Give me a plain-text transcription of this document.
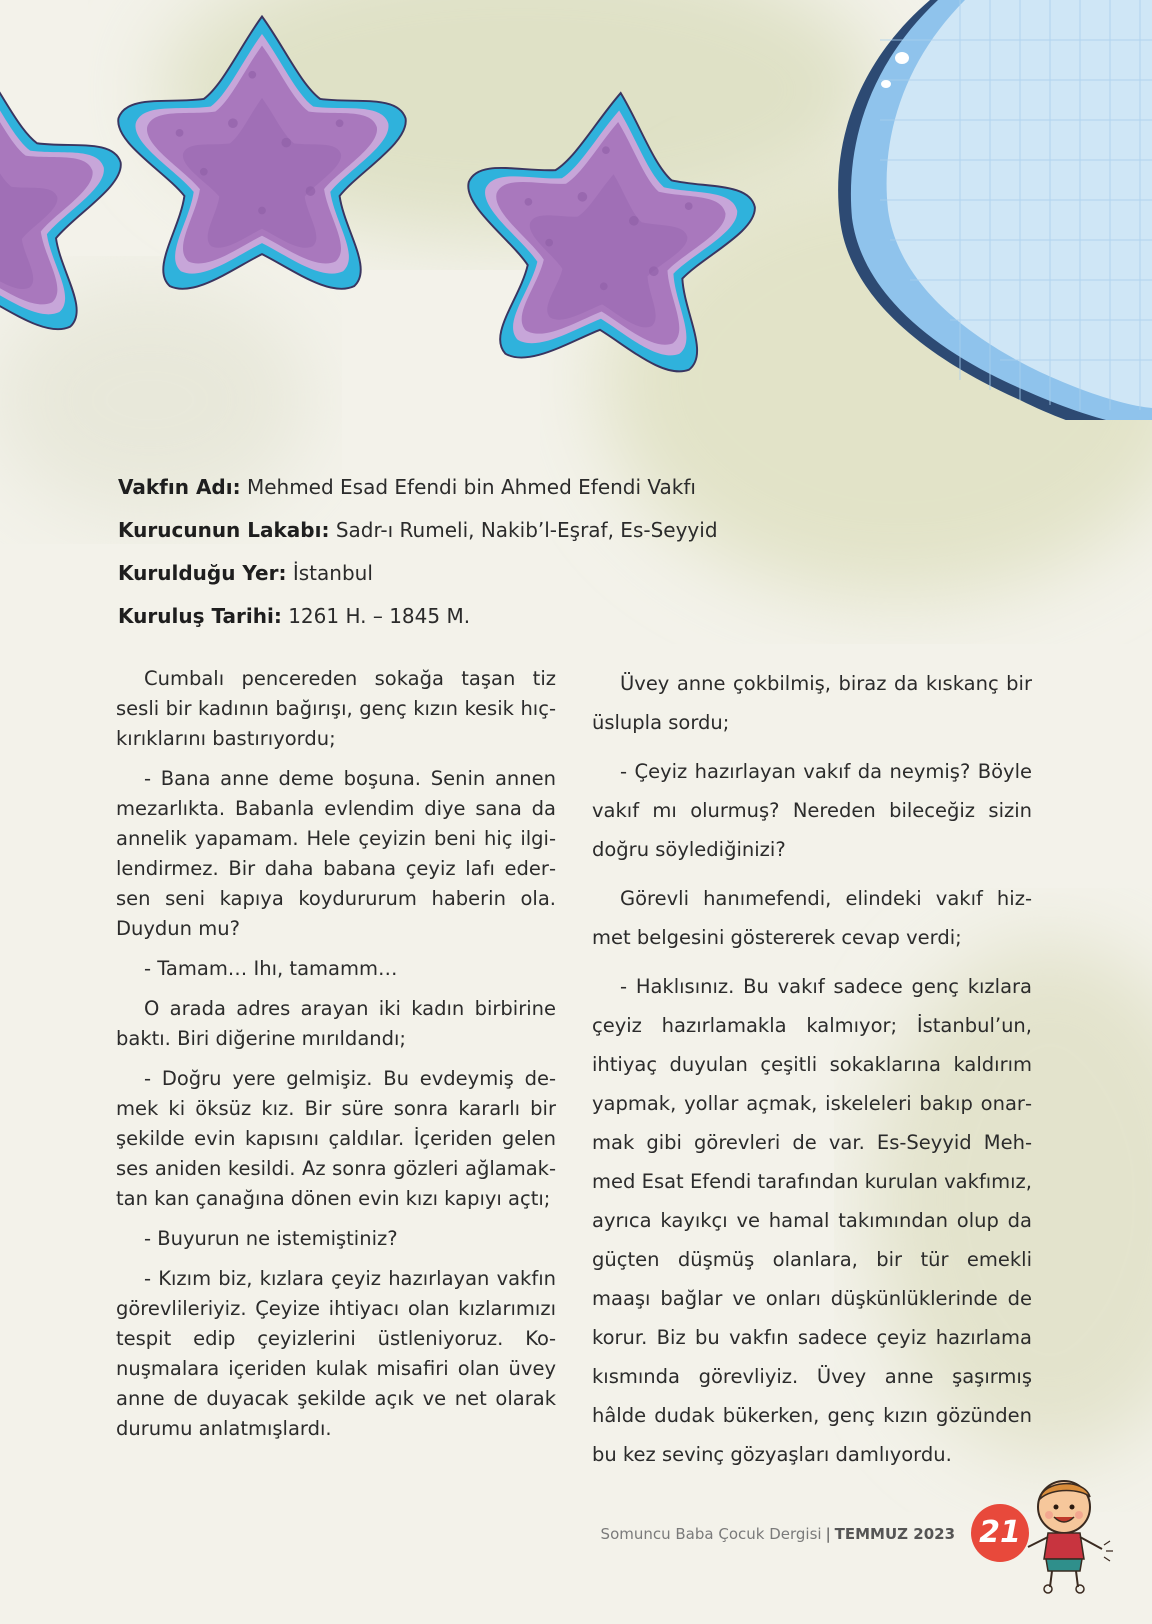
Vakfın Adı: Mehmed Esad Efendi bin Ahmed Efendi Vakfı
Kurucunun Lakabı: Sadr-ı Rumeli, Nakib’l-Eşraf, Es-Seyyid
Kurulduğu Yer: İstanbul
Kuruluş Tarihi: 1261 H. – 1845 M.

Cumbalı pencereden sokağa taşan tiz sesli bir kadının bağırışı, genç kızın kesik hıçkırıklarını bastırıyordu;

- Bana anne deme boşuna. Senin annen mezarlıkta. Babanla evlendim diye sana da annelik yapamam. Hele çeyizin beni hiç ilgilendirmez. Bir daha babana çeyiz lafı edersen seni kapıya koydururum haberin ola. Duydun mu?

- Tamam… Ihı, tamamm…

O arada adres arayan iki kadın birbirine baktı. Biri diğerine mırıldandı;

- Doğru yere gelmişiz. Bu evdeymiş demek ki öksüz kız. Bir süre sonra kararlı bir şekilde evin kapısını çaldılar. İçeriden gelen ses aniden kesildi. Az sonra gözleri ağlamaktan kan çanağına dönen evin kızı kapıyı açtı;

- Buyurun ne istemiştiniz?

- Kızım biz, kızlara çeyiz hazırlayan vakfın görevlileriyiz. Çeyize ihtiyacı olan kızlarımızı tespit edip çeyizlerini üstleniyoruz. Konuşmalara içeriden kulak misafiri olan üvey anne de duyacak şekilde açık ve net olarak durumu anlatmışlardı.

Üvey anne çokbilmiş, biraz da kıskanç bir üslupla sordu;

- Çeyiz hazırlayan vakıf da neymiş? Böyle vakıf mı olurmuş? Nereden bileceğiz sizin doğru söylediğinizi?

Görevli hanımefendi, elindeki vakıf hizmet belgesini göstererek cevap verdi;

- Haklısınız. Bu vakıf sadece genç kızlara çeyiz hazırlamakla kalmıyor; İstanbul’un, ihtiyaç duyulan çeşitli sokaklarına kaldırım yapmak, yollar açmak, iskeleleri bakıp onarmak gibi görevleri de var. Es-Seyyid Mehmed Esat Efendi tarafından kurulan vakfımız, ayrıca kayıkçı ve hamal takımından olup da güçten düşmüş olanlara, bir tür emekli maaşı bağlar ve onları düşkünlüklerinde de korur. Biz bu vakfın sadece çeyiz hazırlama kısmında görevliyiz. Üvey anne şaşırmış hâlde dudak bükerken, genç kızın gözünden bu kez sevinç gözyaşları damlıyordu.

Somuncu Baba Çocuk Dergisi | TEMMUZ 2023 21
